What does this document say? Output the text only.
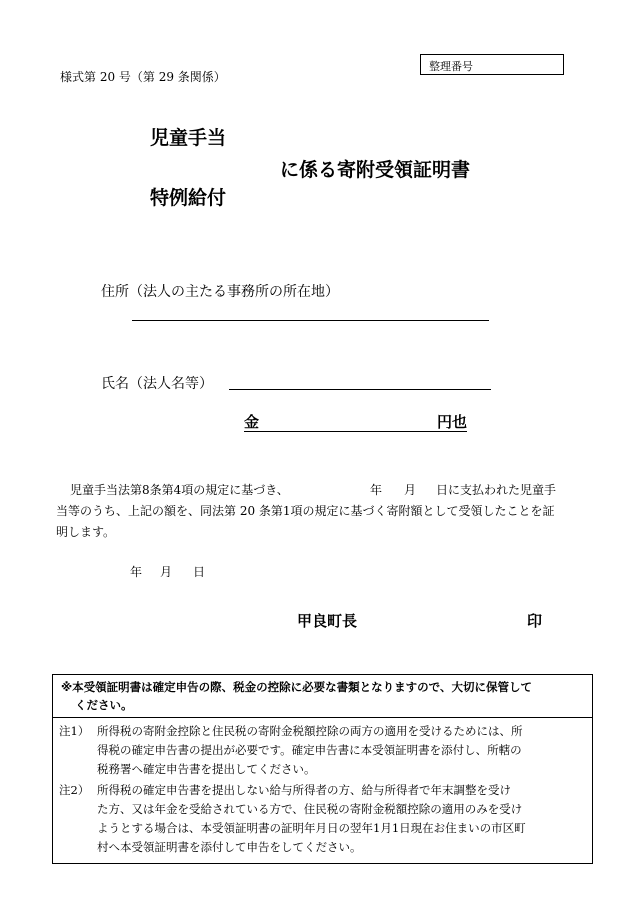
様式第 20 号（第 29 条関係）
整理番号
児童手当
に係る寄附受領証明書
特例給付
住所（法人の主たる事務所の所在地）
氏名（法人名等）
金	円也
児童手当法第8条第4項の規定に基づき、	年 月 日に支払われた児童手
当等のうち、上記の額を、同法第 20 条第1項の規定に基づく寄附額として受領したことを証
明します。
年 月 日
甲良町長	印
※本受領証明書は確定申告の際、税金の控除に必要な書類となりますので、大切に保管して
ください。
注1） 所得税の寄附金控除と住民税の寄附金税額控除の両方の適用を受けるためには、所
得税の確定申告書の提出が必要です。確定申告書に本受領証明書を添付し、所轄の
税務署へ確定申告書を提出してください。
注2） 所得税の確定申告書を提出しない給与所得者の方、給与所得者で年末調整を受け
た方、又は年金を受給されている方で、住民税の寄附金税額控除の適用のみを受け
ようとする場合は、本受領証明書の証明年月日の翌年1月1日現在お住まいの市区町
村へ本受領証明書を添付して申告をしてください。
